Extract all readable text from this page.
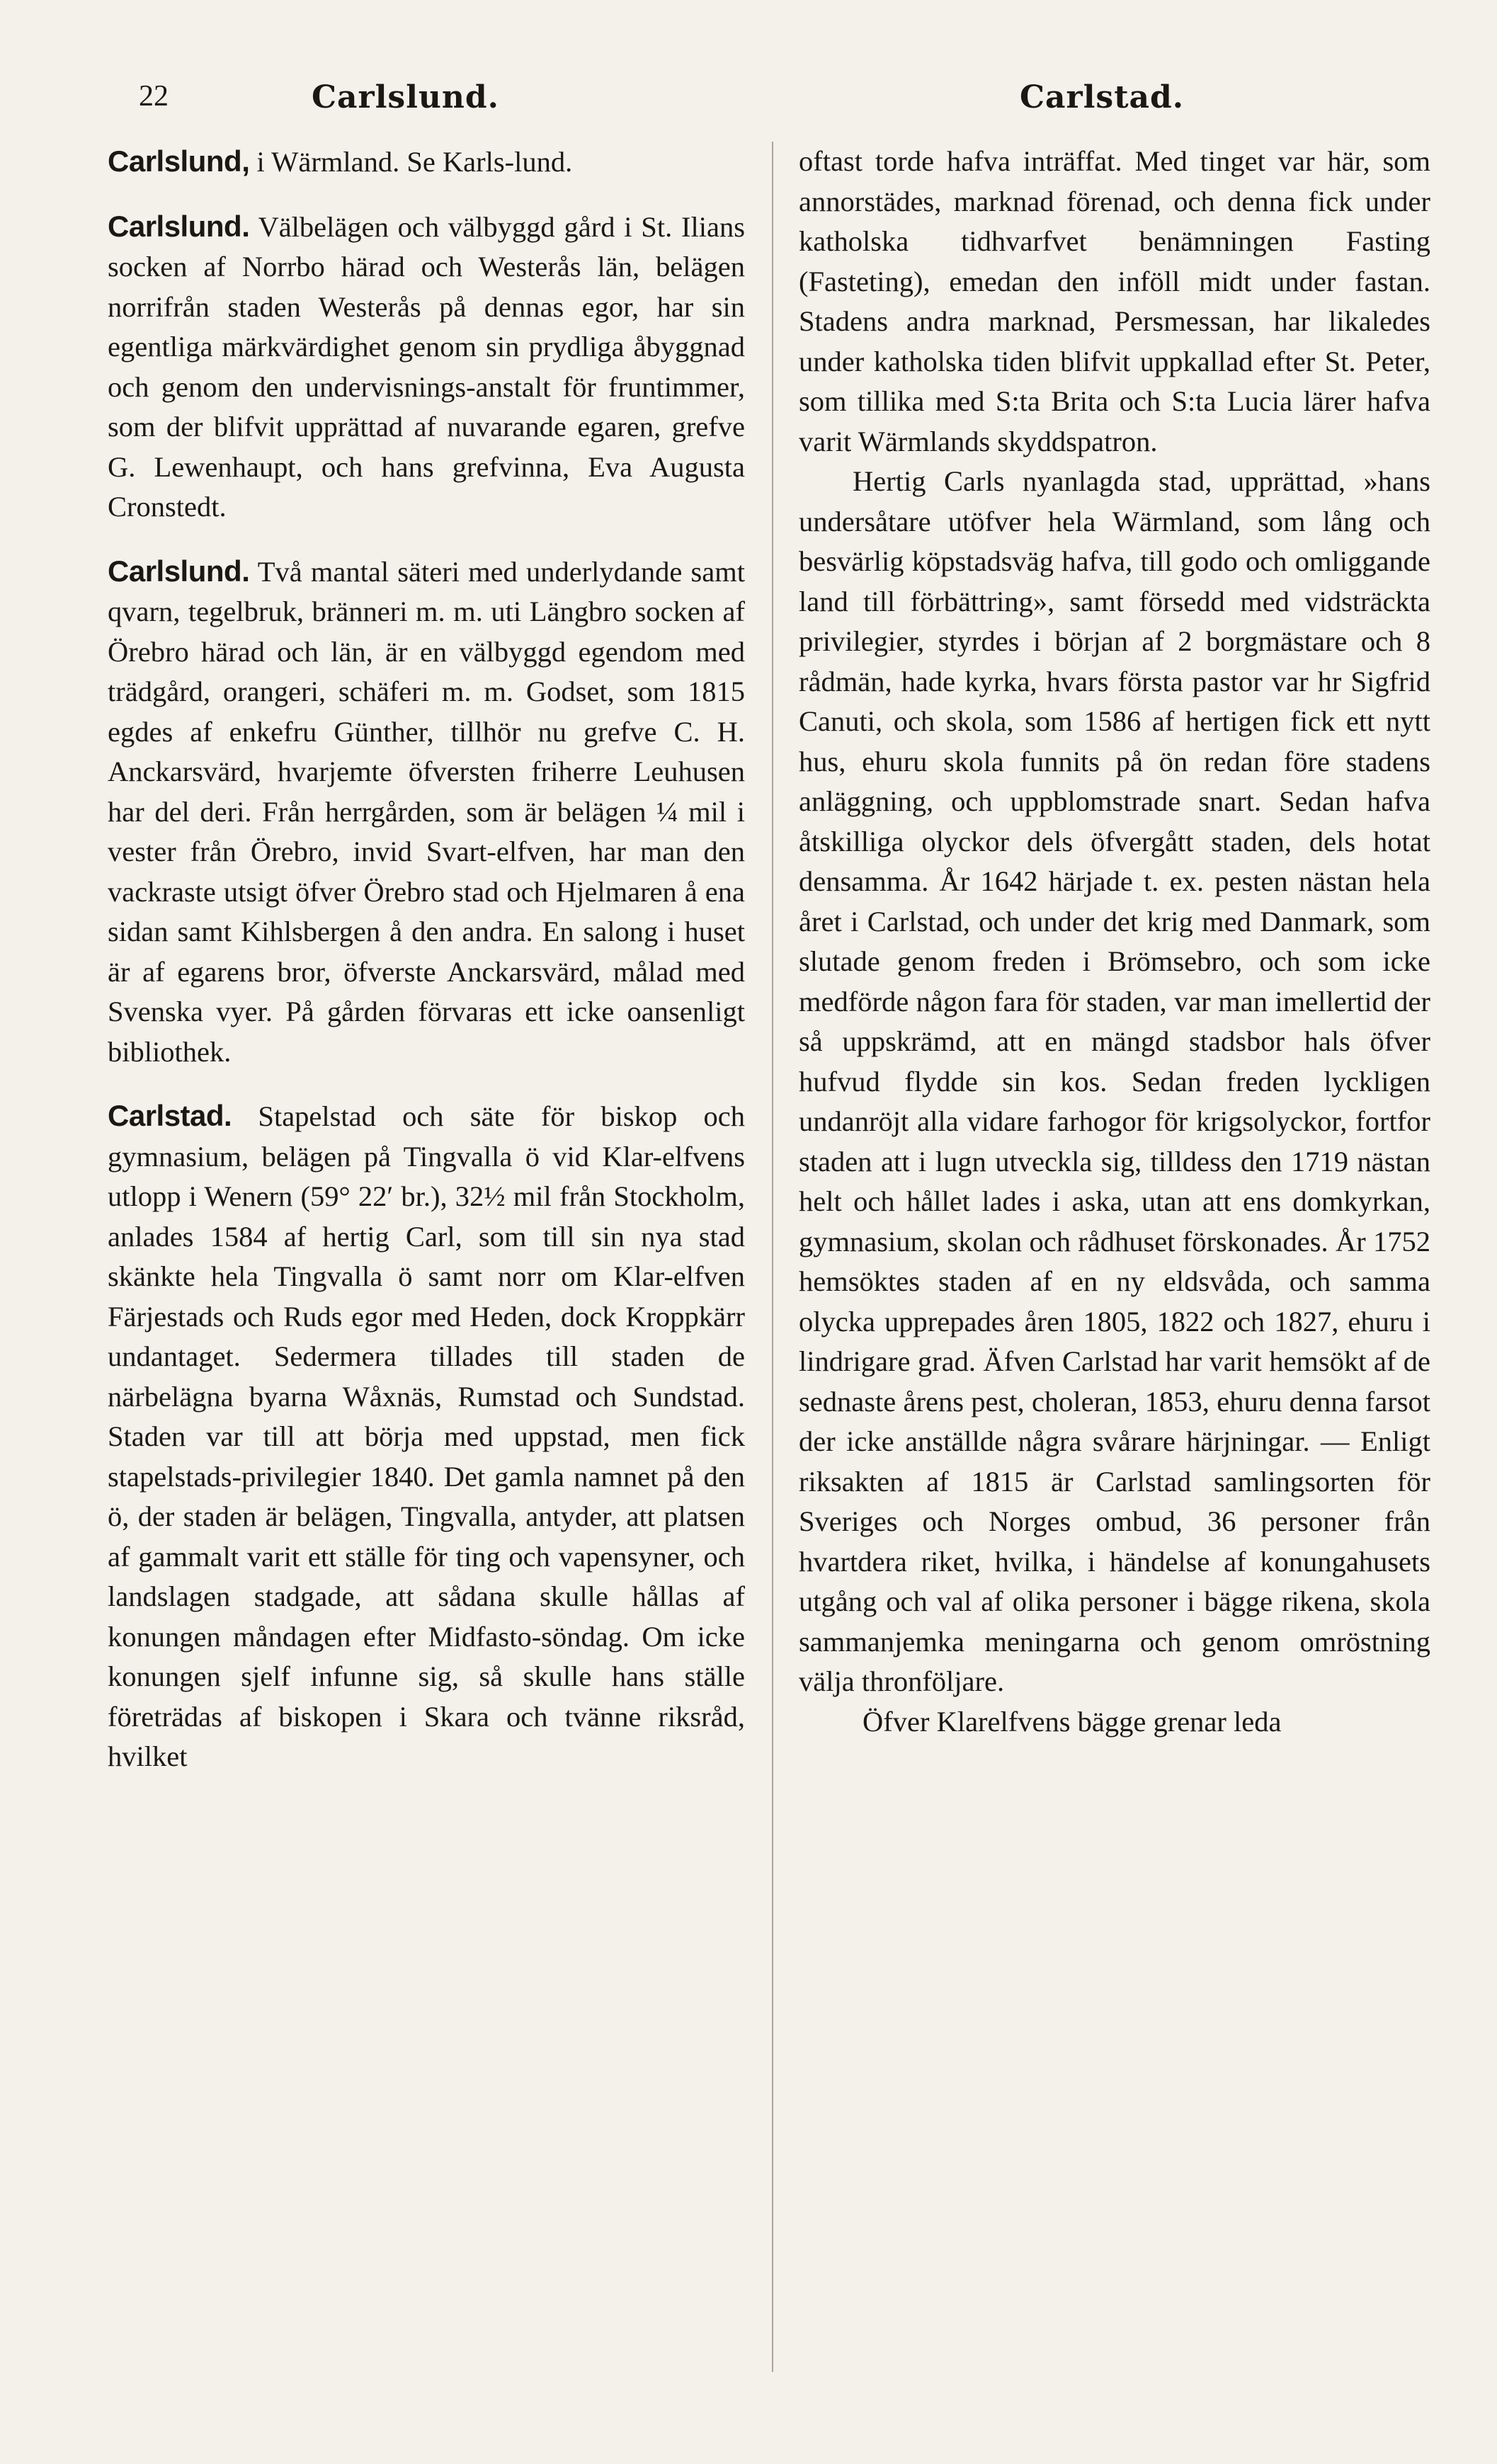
22	Carlslund.	Carlstad.

Carlslund, i Wärmland. Se Karls-lund.

Carlslund. Välbelägen och välbyggd gård i St. Ilians socken af Norrbo härad och Westerås län, belägen norrifrån staden Westerås på dennas egor, har sin egentliga märkvärdighet genom sin prydliga åbyggnad och genom den undervisnings-anstalt för fruntimmer, som der blifvit upprättad af nuvarande egaren, grefve G. Lewenhaupt, och hans grefvinna, Eva Augusta Cronstedt.

Carlslund. Två mantal säteri med underlydande samt qvarn, tegelbruk, bränneri m. m. uti Längbro socken af Örebro härad och län, är en välbyggd egendom med trädgård, orangeri, schäferi m. m. Godset, som 1815 egdes af enkefru Günther, tillhör nu grefve C. H. Anckarsvärd, hvarjemte öfversten friherre Leuhusen har del deri. Från herrgården, som är belägen ¼ mil i vester från Örebro, invid Svart-elfven, har man den vackraste utsigt öfver Örebro stad och Hjelmaren å ena sidan samt Kihlsbergen å den andra. En salong i huset är af egarens bror, öfverste Anckarsvärd, målad med Svenska vyer. På gården förvaras ett icke oansenligt bibliothek.

Carlstad. Stapelstad och säte för biskop och gymnasium, belägen på Tingvalla ö vid Klar-elfvens utlopp i Wenern (59° 22′ br.), 32½ mil från Stockholm, anlades 1584 af hertig Carl, som till sin nya stad skänkte hela Tingvalla ö samt norr om Klar-elfven Färjestads och Ruds egor med Heden, dock Kroppkärr undantaget. Sedermera tillades till staden de närbelägna byarna Wåxnäs, Rumstad och Sundstad. Staden var till att börja med uppstad, men fick stapelstads-privilegier 1840. Det gamla namnet på den ö, der staden är belägen, Tingvalla, antyder, att platsen af gammalt varit ett ställe för ting och vapensyner, och landslagen stadgade, att sådana skulle hållas af konungen måndagen efter Midfasto-söndag. Om icke konungen sjelf infunne sig, så skulle hans ställe företrädas af biskopen i Skara och tvänne riksråd, hvilket

oftast torde hafva inträffat. Med tinget var här, som annorstädes, marknad förenad, och denna fick under katholska tidhvarfvet benämningen Fasting (Fasteting), emedan den inföll midt under fastan. Stadens andra marknad, Persmessan, har likaledes under katholska tiden blifvit uppkallad efter St. Peter, som tillika med S:ta Brita och S:ta Lucia lärer hafva varit Wärmlands skyddspatron.

Hertig Carls nyanlagda stad, upprättad, »hans undersåtare utöfver hela Wärmland, som lång och besvärlig köpstadsväg hafva, till godo och omliggande land till förbättring», samt försedd med vidsträckta privilegier, styrdes i början af 2 borgmästare och 8 rådmän, hade kyrka, hvars första pastor var hr Sigfrid Canuti, och skola, som 1586 af hertigen fick ett nytt hus, ehuru skola funnits på ön redan före stadens anläggning, och uppblomstrade snart. Sedan hafva åtskilliga olyckor dels öfvergått staden, dels hotat densamma. År 1642 härjade t. ex. pesten nästan hela året i Carlstad, och under det krig med Danmark, som slutade genom freden i Brömsebro, och som icke medförde någon fara för staden, var man imellertid der så uppskrämd, att en mängd stadsbor hals öfver hufvud flydde sin kos. Sedan freden lyckligen undanröjt alla vidare farhogor för krigsolyckor, fortfor staden att i lugn utveckla sig, tilldess den 1719 nästan helt och hållet lades i aska, utan att ens domkyrkan, gymnasium, skolan och rådhuset förskonades. År 1752 hemsöktes staden af en ny eldsvåda, och samma olycka upprepades åren 1805, 1822 och 1827, ehuru i lindrigare grad. Äfven Carlstad har varit hemsökt af de sednaste årens pest, choleran, 1853, ehuru denna farsot der icke anställde några svårare härjningar. — Enligt riksakten af 1815 är Carlstad samlingsorten för Sveriges och Norges ombud, 36 personer från hvartdera riket, hvilka, i händelse af konungahusets utgång och val af olika personer i bägge rikena, skola sammanjemka meningarna och genom omröstning välja thronföljare.

Öfver Klarelfvens bägge grenar leda
